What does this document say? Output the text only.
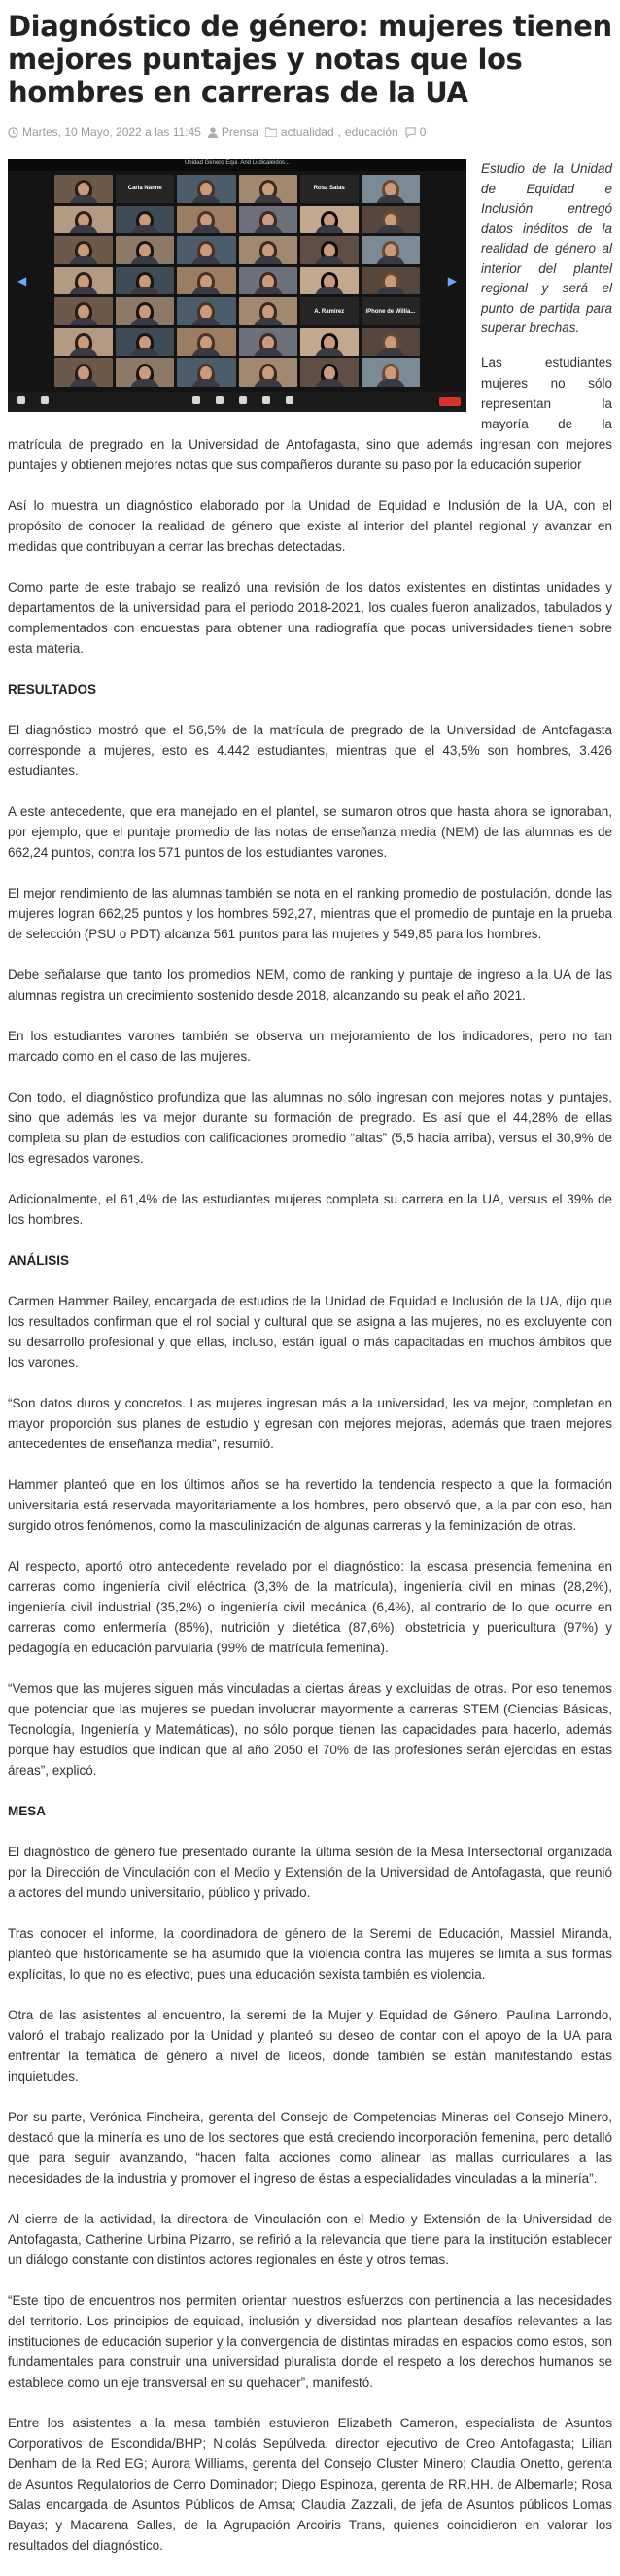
Diagnóstico de género: mujeres tienen mejores puntajes y notas que los hombres en carreras de la UA
Martes, 10 Mayo, 2022 a las 11:45 Prensa actualidad , educación 0
Unidad Género Equi. And Ludicaleidos...
◀	▶
Carla Nanne	Rosa Salas
A. Ramírez	iPhone de Willia...
Estudio de la Unidad de Equidad e Inclusión entregó datos inéditos de la realidad de género al interior del plantel regional y será el punto de partida para superar brechas.

Las estudiantes mujeres no sólo representan la mayoría de la matrícula de pregrado en la Universidad de Antofagasta, sino que además ingresan con mejores puntajes y obtienen mejores notas que sus compañeros durante su paso por la educación superior

Así lo muestra un diagnóstico elaborado por la Unidad de Equidad e Inclusión de la UA, con el propósito de conocer la realidad de género que existe al interior del plantel regional y avanzar en medidas que contribuyan a cerrar las brechas detectadas.

Como parte de este trabajo se realizó una revisión de los datos existentes en distintas unidades y departamentos de la universidad para el periodo 2018-2021, los cuales fueron analizados, tabulados y complementados con encuestas para obtener una radiografía que pocas universidades tienen sobre esta materia.

RESULTADOS

El diagnóstico mostró que el 56,5% de la matrícula de pregrado de la Universidad de Antofagasta corresponde a mujeres, esto es 4.442 estudiantes, mientras que el 43,5% son hombres, 3.426 estudiantes.

A este antecedente, que era manejado en el plantel, se sumaron otros que hasta ahora se ignoraban, por ejemplo, que el puntaje promedio de las notas de enseñanza media (NEM) de las alumnas es de 662,24 puntos, contra los 571 puntos de los estudiantes varones.

El mejor rendimiento de las alumnas también se nota en el ranking promedio de postulación, donde las mujeres logran 662,25 puntos y los hombres 592,27, mientras que el promedio de puntaje en la prueba de selección (PSU o PDT) alcanza 561 puntos para las mujeres y 549,85 para los hombres.

Debe señalarse que tanto los promedios NEM, como de ranking y puntaje de ingreso a la UA de las alumnas registra un crecimiento sostenido desde 2018, alcanzando su peak el año 2021.

En los estudiantes varones también se observa un mejoramiento de los indicadores, pero no tan marcado como en el caso de las mujeres.

Con todo, el diagnóstico profundiza que las alumnas no sólo ingresan con mejores notas y puntajes, sino que además les va mejor durante su formación de pregrado. Es así que el 44,28% de ellas completa su plan de estudios con calificaciones promedio “altas” (5,5 hacia arriba), versus el 30,9% de los egresados varones.

Adicionalmente, el 61,4% de las estudiantes mujeres completa su carrera en la UA, versus el 39% de los hombres.

ANÁLISIS

Carmen Hammer Bailey, encargada de estudios de la Unidad de Equidad e Inclusión de la UA, dijo que los resultados confirman que el rol social y cultural que se asigna a las mujeres, no es excluyente con su desarrollo profesional y que ellas, incluso, están igual o más capacitadas en muchos ámbitos que los varones.

“Son datos duros y concretos. Las mujeres ingresan más a la universidad, les va mejor, completan en mayor proporción sus planes de estudio y egresan con mejores mejoras, además que traen mejores antecedentes de enseñanza media”, resumió.

Hammer planteó que en los últimos años se ha revertido la tendencia respecto a que la formación universitaria está reservada mayoritariamente a los hombres, pero observó que, a la par con eso, han surgido otros fenómenos, como la masculinización de algunas carreras y la feminización de otras.

Al respecto, aportó otro antecedente revelado por el diagnóstico: la escasa presencia femenina en carreras como ingeniería civil eléctrica (3,3% de la matrícula), ingeniería civil en minas (28,2%), ingeniería civil industrial (35,2%) o ingeniería civil mecánica (6,4%), al contrario de lo que ocurre en carreras como enfermería (85%), nutrición y dietética (87,6%), obstetricia y puericultura (97%) y pedagogía en educación parvularia (99% de matrícula femenina).

“Vemos que las mujeres siguen más vinculadas a ciertas áreas y excluidas de otras. Por eso tenemos que potenciar que las mujeres se puedan involucrar mayormente a carreras STEM (Ciencias Básicas, Tecnología, Ingeniería y Matemáticas), no sólo porque tienen las capacidades para hacerlo, además porque hay estudios que indican que al año 2050 el 70% de las profesiones serán ejercidas en estas áreas”, explicó.

MESA

El diagnóstico de género fue presentado durante la última sesión de la Mesa Intersectorial organizada por la Dirección de Vinculación con el Medio y Extensión de la Universidad de Antofagasta, que reunió a actores del mundo universitario, público y privado.

Tras conocer el informe, la coordinadora de género de la Seremi de Educación, Massiel Miranda, planteó que históricamente se ha asumido que la violencia contra las mujeres se limita a sus formas explícitas, lo que no es efectivo, pues una educación sexista también es violencia.

Otra de las asistentes al encuentro, la seremi de la Mujer y Equidad de Género, Paulina Larrondo, valoró el trabajo realizado por la Unidad y planteó su deseo de contar con el apoyo de la UA para enfrentar la temática de género a nivel de liceos, donde también se están manifestando estas inquietudes.

Por su parte, Verónica Fincheira, gerenta del Consejo de Competencias Mineras del Consejo Minero, destacó que la minería es uno de los sectores que está creciendo incorporación femenina, pero detalló que para seguir avanzando, “hacen falta acciones como alinear las mallas curriculares a las necesidades de la industria y promover el ingreso de éstas a especialidades vinculadas a la minería”.

Al cierre de la actividad, la directora de Vinculación con el Medio y Extensión de la Universidad de Antofagasta, Catherine Urbina Pizarro, se refirió a la relevancia que tiene para la institución establecer un diálogo constante con distintos actores regionales en éste y otros temas.

“Este tipo de encuentros nos permiten orientar nuestros esfuerzos con pertinencia a las necesidades del territorio. Los principios de equidad, inclusión y diversidad nos plantean desafíos relevantes a las instituciones de educación superior y la convergencia de distintas miradas en espacios como estos, son fundamentales para construir una universidad pluralista donde el respeto a los derechos humanos se establece como un eje transversal en su quehacer”, manifestó.

Entre los asistentes a la mesa también estuvieron Elizabeth Cameron, especialista de Asuntos Corporativos de Escondida/BHP; Nicolás Sepúlveda, director ejecutivo de Creo Antofagasta; Lilian Denham de la Red EG; Aurora Williams, gerenta del Consejo Cluster Minero; Claudia Onetto, gerenta de Asuntos Regulatorios de Cerro Dominador; Diego Espinoza, gerenta de RR.HH. de Albemarle; Rosa Salas encargada de Asuntos Públicos de Amsa; Claudia Zazzali, de jefa de Asuntos públicos Lomas Bayas; y Macarena Salles, de la Agrupación Arcoiris Trans, quienes coincidieron en valorar los resultados del diagnóstico.
